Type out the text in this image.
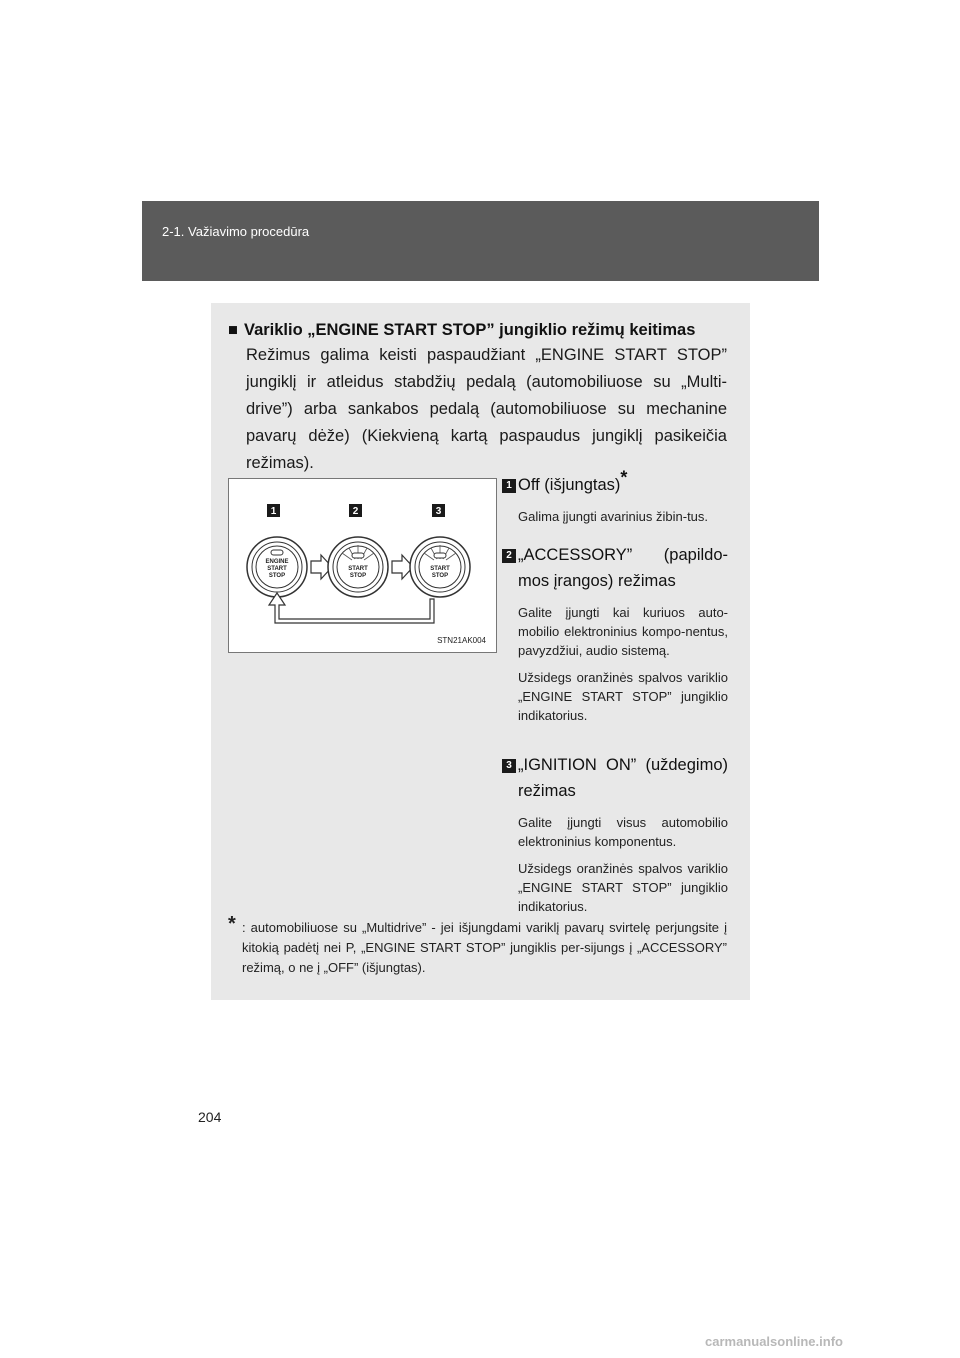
2-1. Važiavimo procedūra
■ Variklio „ENGINE START STOP” jungiklio režimų keitimas
Režimus galima keisti paspaudžiant „ENGINE START STOP” jungiklį ir atleidus stabdžių pedalą (automobiliuose su „Multi-drive”) arba sankabos pedalą (automobiliuose su mechanine pavarų dėže) (Kiekvieną kartą paspaudus jungiklį pasikeičia režimas).
1	2	3
ENGINE
START
STOP
START
STOP
START
STOP
STN21AK004
1 Off (išjungtas)*
Galima įjungti avarinius žibin-tus.
2 „ACCESSORY” (papildo-mos įrangos) režimas
Galite įjungti kai kuriuos auto-mobilio elektroninius kompo-nentus, pavyzdžiui, audio sistemą.
Užsidegs oranžinės spalvos variklio „ENGINE START STOP” jungiklio indikatorius.
3 „IGNITION ON” (uždegimo) režimas
Galite įjungti visus automobilio elektroninius komponentus.
Užsidegs oranžinės spalvos variklio „ENGINE START STOP” jungiklio indikatorius.
* : automobiliuose su „Multidrive” - jei išjungdami variklį pavarų svirtelę perjungsite į kitokią padėtį nei P, „ENGINE START STOP” jungiklis per-sijungs į „ACCESSORY” režimą, o ne į „OFF” (išjungtas).
204
carmanualsonline.info
